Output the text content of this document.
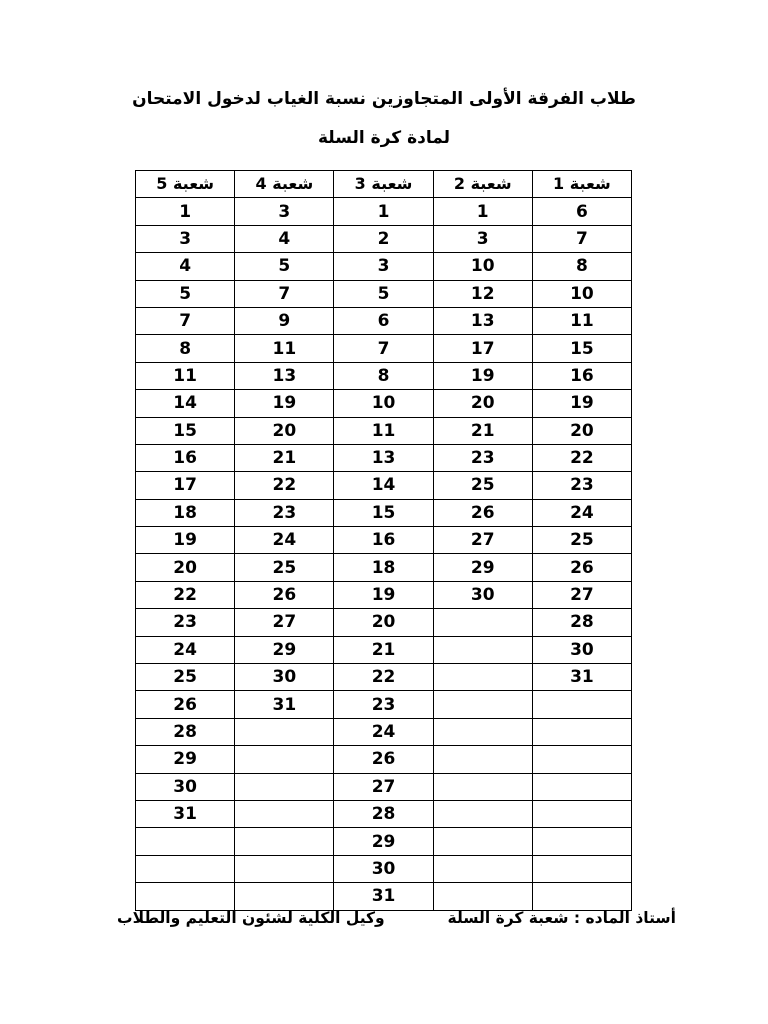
طلاب الفرقة الأولى المتجاوزين نسبة الغياب لدخول الامتحان
لمادة كرة السلة
شعبة 1	شعبة 2	شعبة 3	شعبة 4	شعبة 5
6	1	1	3	1
7	3	2	4	3
8	10	3	5	4
10	12	5	7	5
11	13	6	9	7
15	17	7	11	8
16	19	8	13	11
19	20	10	19	14
20	21	11	20	15
22	23	13	21	16
23	25	14	22	17
24	26	15	23	18
25	27	16	24	19
26	29	18	25	20
27	30	19	26	22
28		20	27	23
30		21	29	24
31		22	30	25
		23	31	26
		24		28
		26		29
		27		30
		28		31
		29		
		30		
		31		
أستاذ الماده : شعبة كرة السلة
وكيل الكلية لشئون التعليم والطلاب
